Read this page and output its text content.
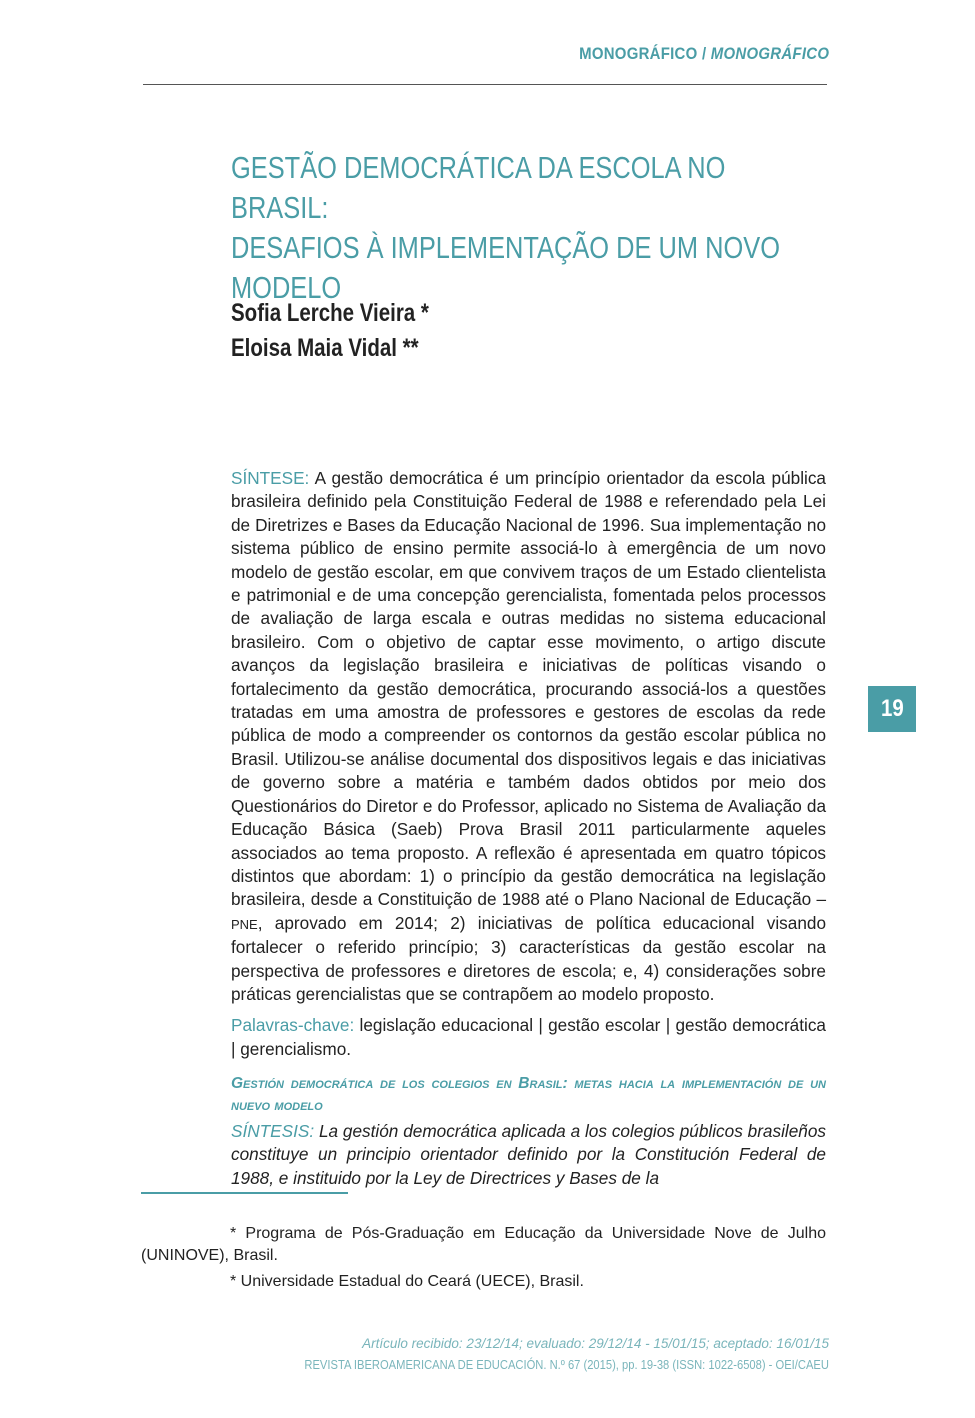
MONOGRÁFICO / MONOGRÁFICO
GESTÃO DEMOCRÁTICA DA ESCOLA NO BRASIL:
DESAFIOS À IMPLEMENTAÇÃO DE UM NOVO
MODELO
Sofia Lerche Vieira *
Eloisa Maia Vidal **

SÍNTESE: A gestão democrática é um princípio orientador da escola pública brasileira definido pela Constituição Federal de 1988 e referendado pela Lei de Diretrizes e Bases da Educação Nacional de 1996. Sua implementação no sistema público de ensino permite associá-lo à emergência de um novo modelo de gestão escolar, em que convivem traços de um Estado clientelista e patrimonial e de uma concepção gerencialista, fomentada pelos processos de avaliação de larga escala e outras medidas no sistema educacional brasileiro. Com o objetivo de captar esse movimento, o artigo discute avanços da legislação brasileira e iniciativas de políticas visando o fortalecimento da gestão democrática, procurando associá-los a questões tratadas em uma amostra de professores e gestores de escolas da rede pública de modo a compreender os contornos da gestão escolar pública no Brasil. Utilizou-se análise documental dos dispositivos legais e das iniciativas de governo sobre a matéria e também dados obtidos por meio dos Questionários do Diretor e do Professor, aplicado no Sistema de Avaliação da Educação Básica (Saeb) Prova Brasil 2011 particularmente aqueles associados ao tema proposto. A reflexão é apresentada em quatro tópicos distintos que abordam: 1) o princípio da gestão democrática na legislação brasileira, desde a Constituição de 1988 até o Plano Nacional de Educação – PNE, aprovado em 2014; 2) iniciativas de política educacional visando fortalecer o referido princípio; 3) características da gestão escolar na perspectiva de professores e diretores de escola; e, 4) considerações sobre práticas gerencialistas que se contrapõem ao modelo proposto.

Palavras-chave: legislação educacional | gestão escolar | gestão democrática | gerencialismo.
Gestión democrática de los colegios en Brasil: metas hacia la implementación de un nuevo modelo
SÍNTESIS: La gestión democrática aplicada a los colegios públicos brasileños constituye un principio orientador definido por la Constitución Federal de 1988, e instituido por la Ley de Directrices y Bases de la

* Programa de Pós-Graduação em Educação da Universidade Nove de Julho (UNINOVE), Brasil.

* Universidade Estadual do Ceará (UECE), Brasil.

Artículo recibido: 23/12/14; evaluado: 29/12/14 - 15/01/15; aceptado: 16/01/15
REVISTA IBEROAMERICANA DE EDUCACIÓN. N.º 67 (2015), pp. 19-38 (ISSN: 1022-6508) - OEI/CAEU
19
